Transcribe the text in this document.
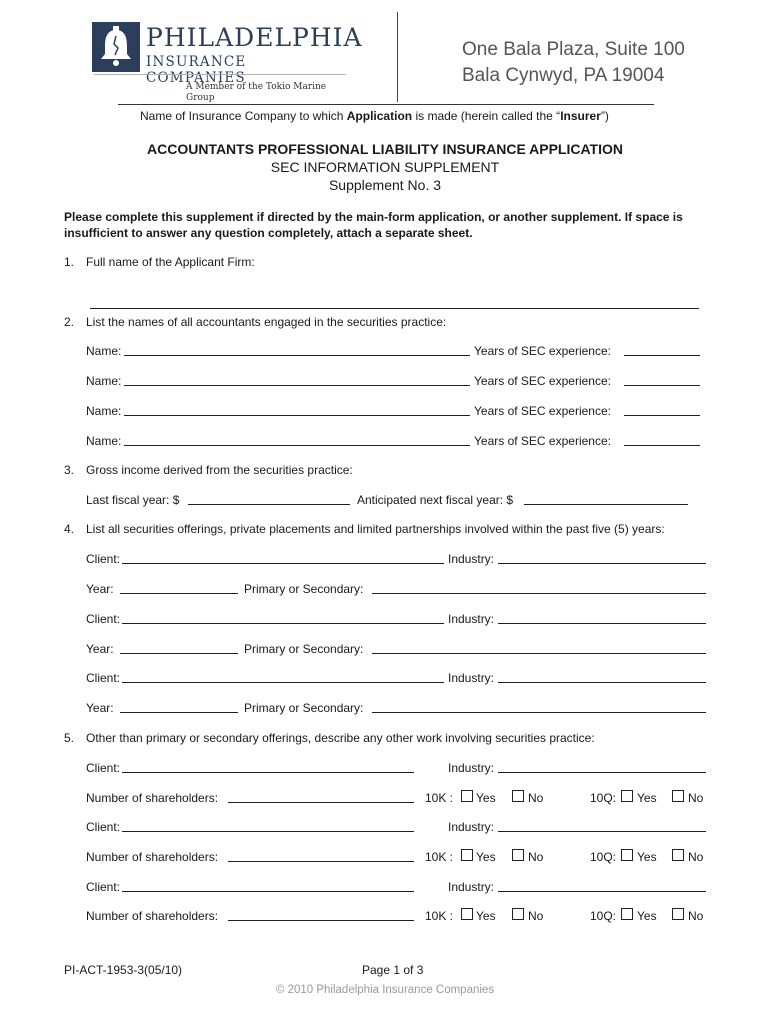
PHILADELPHIA
INSURANCE COMPANIES
A Member of the Tokio Marine Group
One Bala Plaza, Suite 100
Bala Cynwyd, PA 19004
Name of Insurance Company to which Application is made (herein called the “Insurer”)
ACCOUNTANTS PROFESSIONAL LIABILITY INSURANCE APPLICATION
SEC INFORMATION SUPPLEMENT
Supplement No. 3
Please complete this supplement if directed by the main-form application, or another supplement. If space is insufficient to answer any question completely, attach a separate sheet.
1. Full name of the Applicant Firm:
2. List the names of all accountants engaged in the securities practice:
Name:	Years of SEC experience:
Name:	Years of SEC experience:
Name:	Years of SEC experience:
Name:	Years of SEC experience:
3. Gross income derived from the securities practice:
Last fiscal year: $	Anticipated next fiscal year: $
4. List all securities offerings, private placements and limited partnerships involved within the past five (5) years:
Client:	Industry:
Year:	Primary or Secondary:
Client:	Industry:
Year:	Primary or Secondary:
Client:	Industry:
Year:	Primary or Secondary:
5. Other than primary or secondary offerings, describe any other work involving securities practice:
Client:	Industry:
Number of shareholders:	10K : Yes	No	10Q: Yes	No
Client:	Industry:
Number of shareholders:	10K : Yes	No	10Q: Yes	No
Client:	Industry:
Number of shareholders:	10K : Yes	No	10Q: Yes	No
PI-ACT-1953-3(05/10)	Page 1 of 3
© 2010 Philadelphia Insurance Companies
